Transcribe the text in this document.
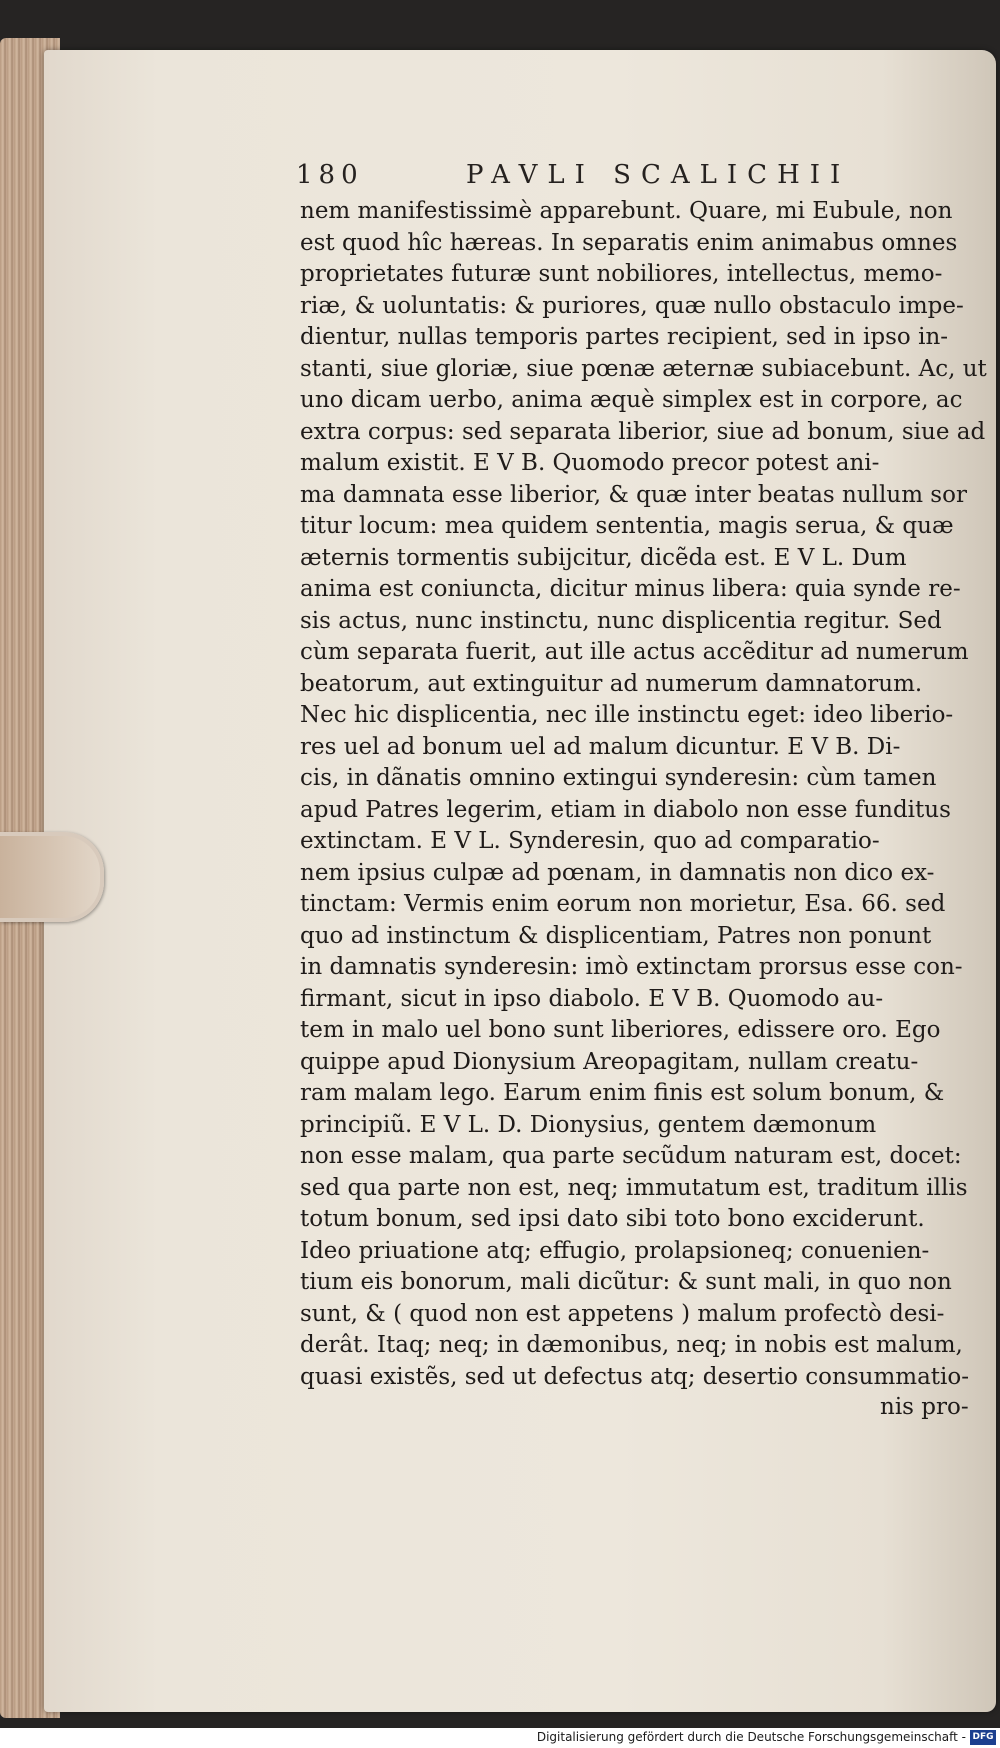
180	PAVLI SCALICHII
nem manifestissimè apparebunt. Quare, mi Eubule, non
est quod hîc hæreas. In separatis enim animabus omnes
proprietates futuræ sunt nobiliores, intellectus, memo-
riæ, & uoluntatis: & puriores, quæ nullo obstaculo impe-
dientur, nullas temporis partes recipient, sed in ipso in-
stanti, siue gloriæ, siue pœnæ æternæ subiacebunt. Ac, ut
uno dicam uerbo, anima æquè simplex est in corpore, ac
extra corpus: sed separata liberior, siue ad bonum, siue ad
malum existit. E V B. Quomodo precor potest ani-
ma damnata esse liberior, & quæ inter beatas nullum sor
titur locum: mea quidem sententia, magis serua, & quæ
æternis tormentis subijcitur, dicẽda est. E V L. Dum
anima est coniuncta, dicitur minus libera: quia synde re-
sis actus, nunc instinctu, nunc displicentia regitur. Sed
cùm separata fuerit, aut ille actus accẽditur ad numerum
beatorum, aut extinguitur ad numerum damnatorum.
Nec hic displicentia, nec ille instinctu eget: ideo liberio-
res uel ad bonum uel ad malum dicuntur. E V B. Di-
cis, in dãnatis omnino extingui synderesin: cùm tamen
apud Patres legerim, etiam in diabolo non esse funditus
extinctam. E V L. Synderesin, quo ad comparatio-
nem ipsius culpæ ad pœnam, in damnatis non dico ex-
tinctam: Vermis enim eorum non morietur, Esa. 66. sed
quo ad instinctum & displicentiam, Patres non ponunt
in damnatis synderesin: imò extinctam prorsus esse con-
firmant, sicut in ipso diabolo. E V B. Quomodo au-
tem in malo uel bono sunt liberiores, edissere oro. Ego
quippe apud Dionysium Areopagitam, nullam creatu-
ram malam lego. Earum enim finis est solum bonum, &
principiũ. E V L. D. Dionysius, gentem dæmonum
non esse malam, qua parte secũdum naturam est, docet:
sed qua parte non est, neq; immutatum est, traditum illis
totum bonum, sed ipsi dato sibi toto bono exciderunt.
Ideo priuatione atq; effugio, prolapsioneq; conuenien-
tium eis bonorum, mali dicũtur: & sunt mali, in quo non
sunt, & ( quod non est appetens ) malum profectò desi-
derât. Itaq; neq; in dæmonibus, neq; in nobis est malum,
quasi existẽs, sed ut defectus atq; desertio consummatio-
nis pro-
Digitalisierung gefördert durch die Deutsche Forschungsgemeinschaft - DFG
